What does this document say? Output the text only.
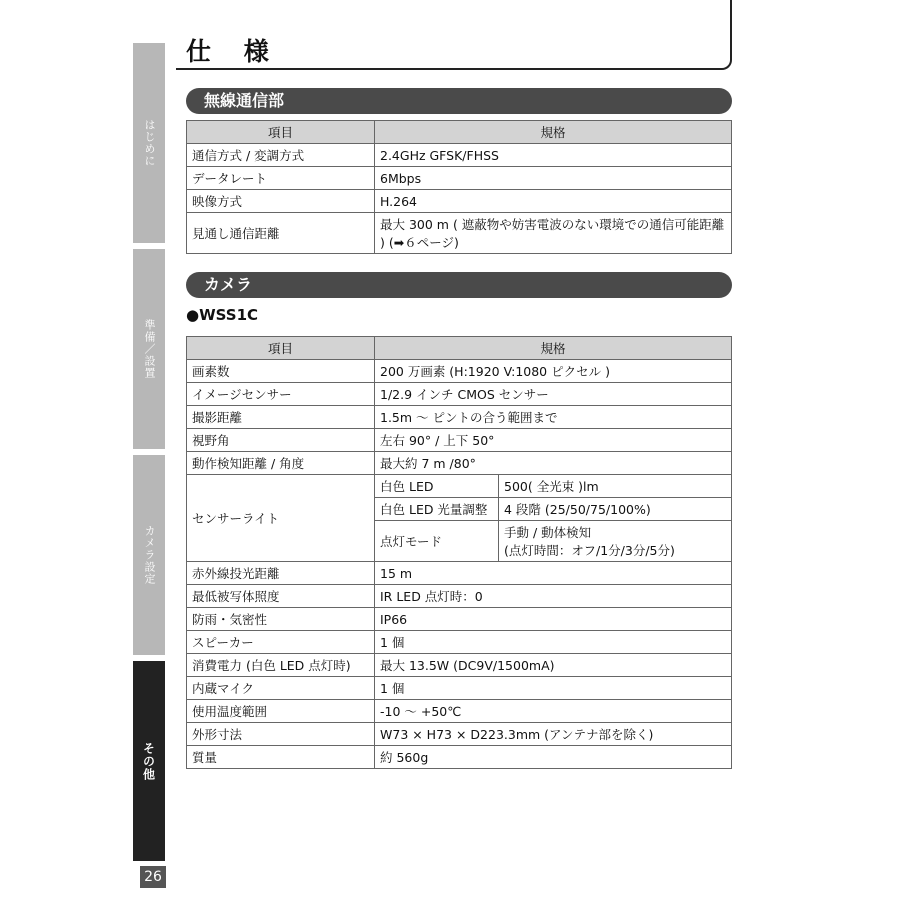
はじめに
準備／設置
カメラ設定
その他
26
仕 様
無線通信部
項目	規格
通信方式 / 変調方式	2.4GHz GFSK/FHSS
データレート	6Mbps
映像方式	H.264
見通し通信距離	最大 300 m ( 遮蔽物や妨害電波のない環境での通信可能距離 ) (➡６ページ)
カメラ
●WSS1C
項目	規格	
画素数	200 万画素 (H:1920 V:1080 ピクセル )	
イメージセンサー	1/2.9 インチ CMOS センサー	
撮影距離	1.5m ～ ピントの合う範囲まで	
視野角	左右 90° / 上下 50°	
動作検知距離 / 角度	最大約 7 m /80°	
センサーライト	白色 LED	500( 全光束 )lm
	白色 LED 光量調整	4 段階 (25/50/75/100%)
	点灯モード	手動 / 動体検知
(点灯時間：オフ/1分/3分/5分)

赤外線投光距離	15 m	
最低被写体照度	IR LED 点灯時：0	
防雨・気密性	IP66	
スピーカー	1 個	
消費電力 (白色 LED 点灯時)	最大 13.5W (DC9V/1500mA)	
内蔵マイク	1 個	
使用温度範囲	-10 ～ +50℃	
外形寸法	W73 × H73 × D223.3mm (アンテナ部を除く)	
質量	約 560g	
